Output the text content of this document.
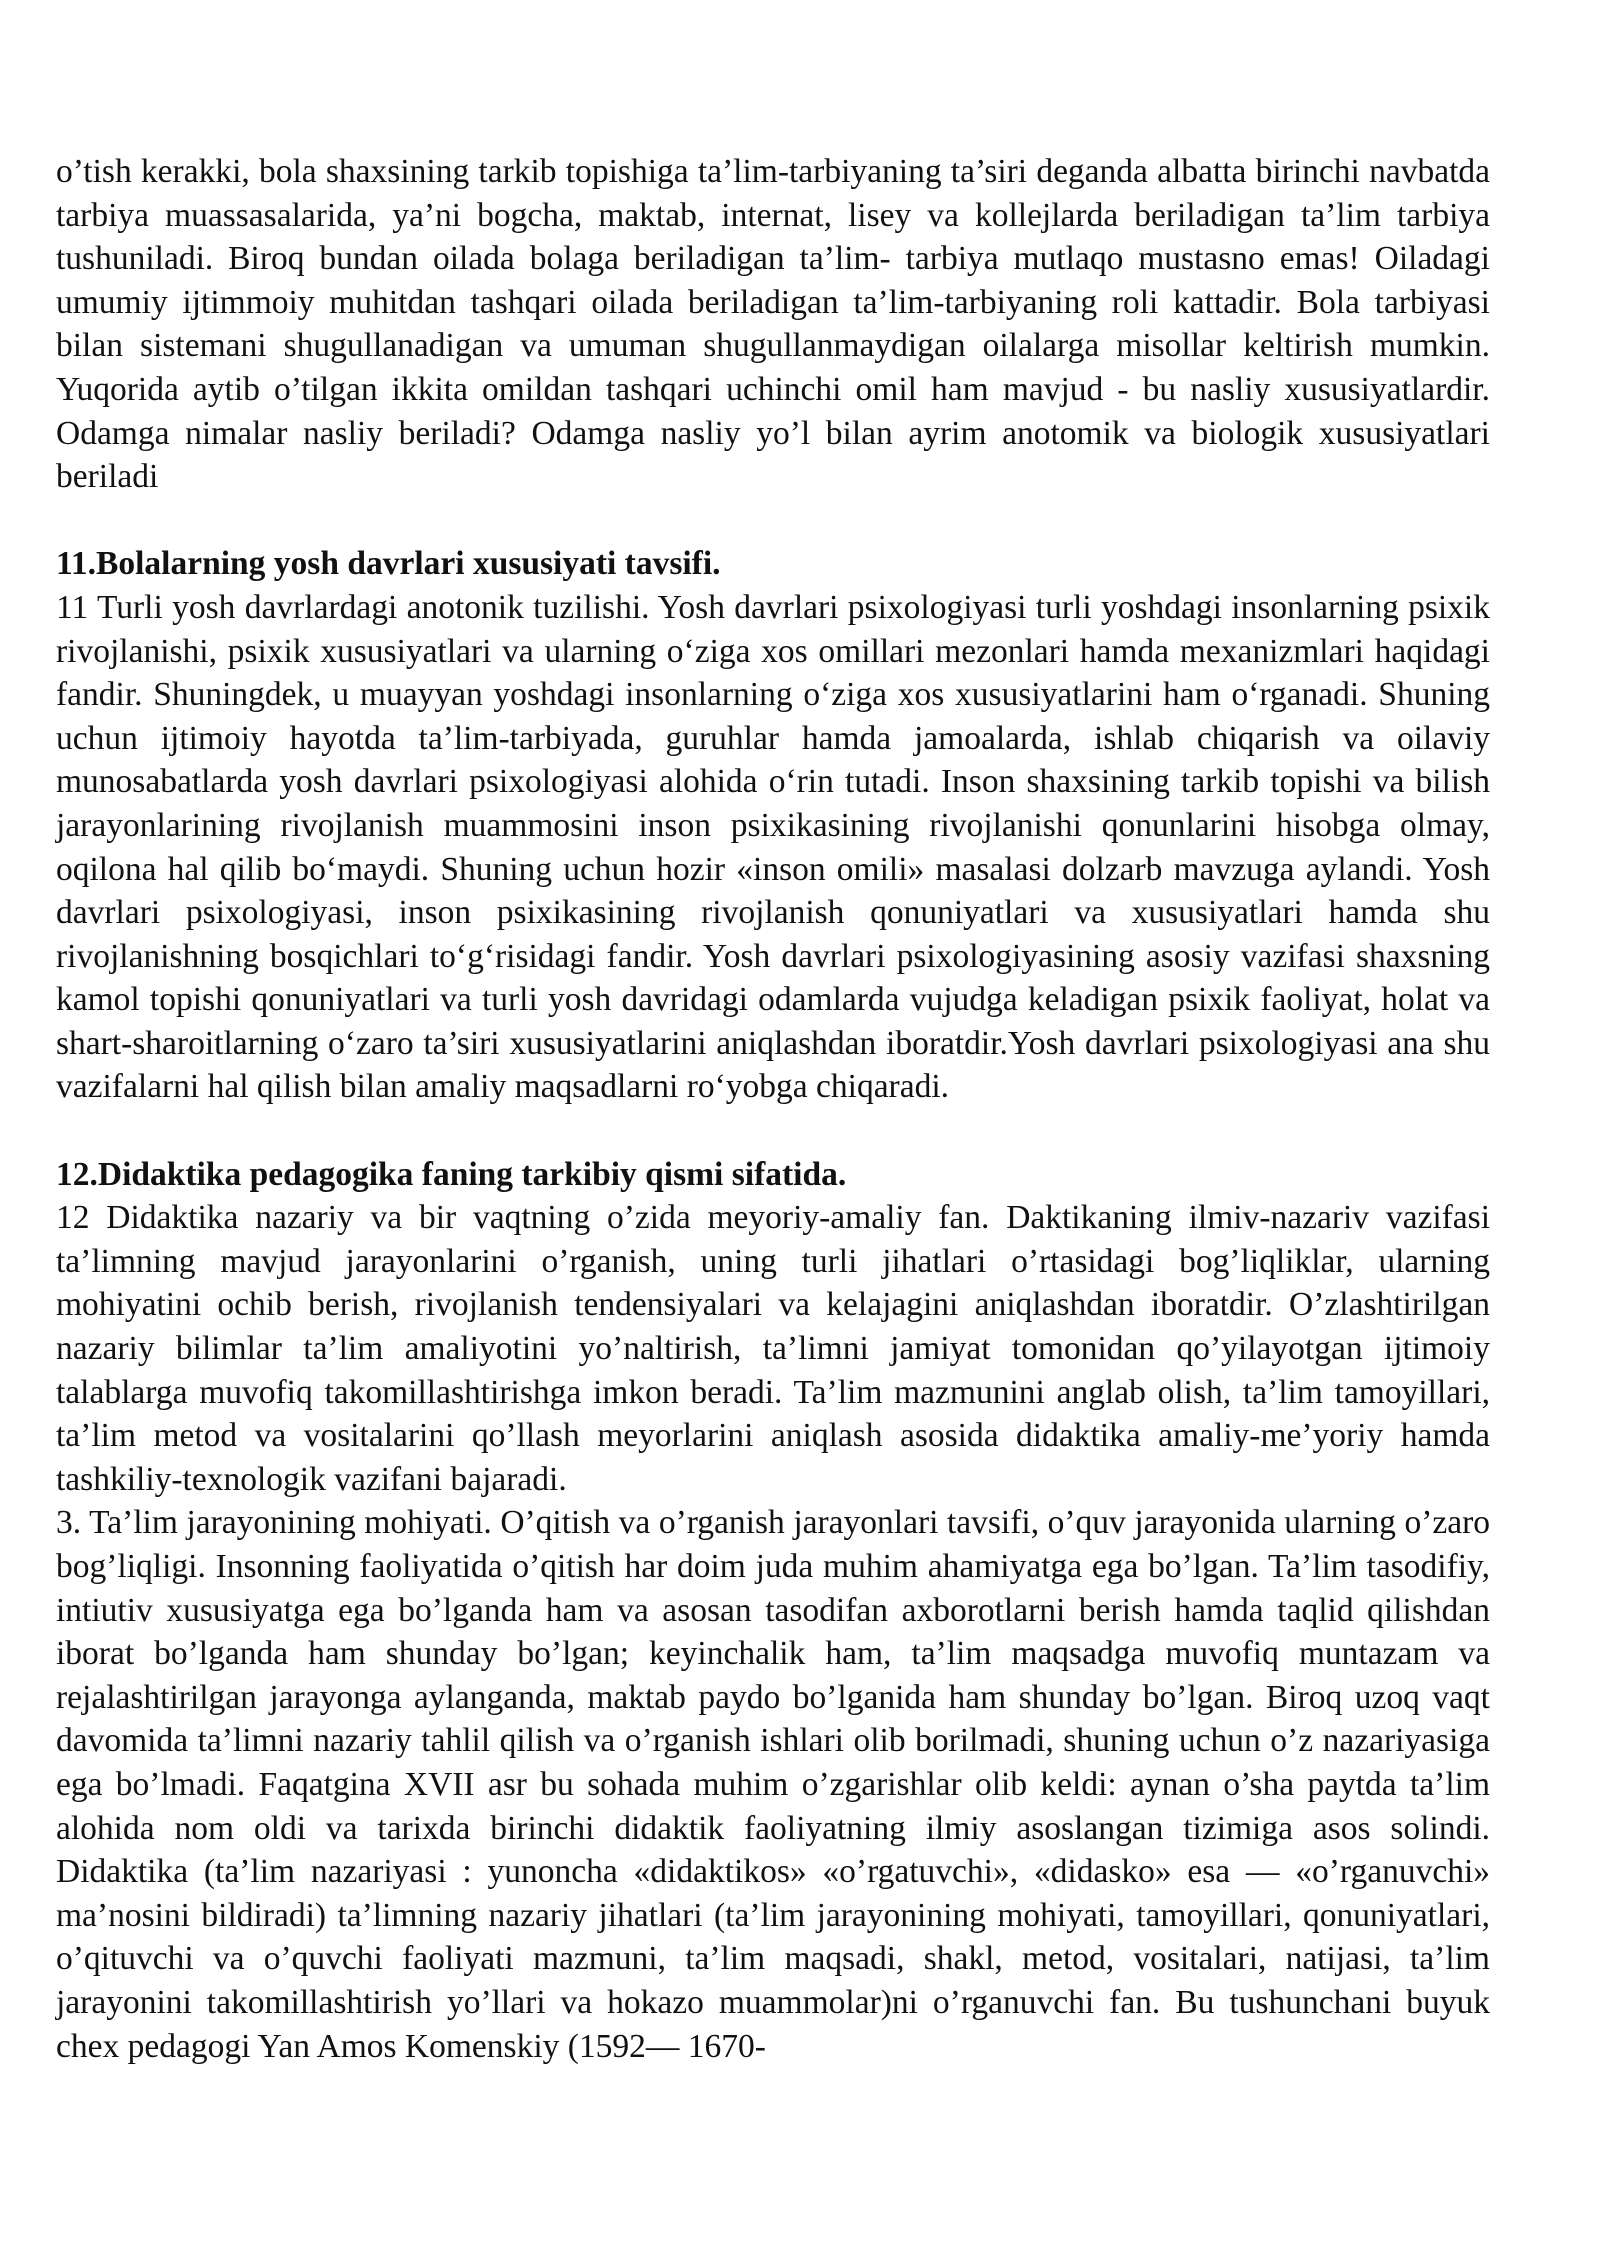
o’tish kerakki, bola shaxsining tarkib topishiga ta’lim-tarbiyaning ta’siri deganda albatta birinchi navbatda tarbiya muassasalarida, ya’ni bogcha, maktab, internat, lisey va kollejlarda beriladigan ta’lim tarbiya tushuniladi. Biroq bundan oilada bolaga beriladigan ta’lim- tarbiya mutlaqo mustasno emas! Oiladagi umumiy ijtimmoiy muhitdan tashqari oilada beriladigan ta’lim-tarbiyaning roli kattadir. Bola tarbiyasi bilan sistemani shugullanadigan va umuman shugullanmaydigan oilalarga misollar keltirish mumkin. Yuqorida aytib o’tilgan ikkita omildan tashqari uchinchi omil ham mavjud - bu nasliy xususiyatlardir. Odamga nimalar nasliy beriladi? Odamga nasliy yo’l bilan ayrim anotomik va biologik xususiyatlari beriladi

11.Bolalarning yosh davrlari xususiyati tavsifi.

11 Turli yosh davrlardagi anotonik tuzilishi. Yosh davrlari psixologiyasi turli yoshdagi insonlarning psixik rivojlanishi, psixik xususiyatlari va ularning o‘ziga xos omillari mezonlari hamda mexanizmlari haqidagi fandir. Shuningdek, u muayyan yoshdagi insonlarning o‘ziga xos xususiyatlarini ham o‘rganadi. Shuning uchun ijtimoiy hayotda ta’lim-tarbiyada, guruhlar hamda jamoalarda, ishlab chiqarish va oilaviy munosabatlarda yosh davrlari psixologiyasi alohida o‘rin tutadi. Inson shaxsining tarkib topishi va bilish jarayonlarining rivojlanish muammosini inson psixikasining rivojlanishi qonunlarini hisobga olmay, oqilona hal qilib bo‘maydi. Shuning uchun hozir «inson omili» masalasi dolzarb mavzuga aylandi. Yosh davrlari psixologiyasi, inson psixikasining rivojlanish qonuniyatlari va xususiyatlari hamda shu rivojlanishning bosqichlari to‘g‘risidagi fandir. Yosh davrlari psixologiyasining asosiy vazifasi shaxsning kamol topishi qonuniyatlari va turli yosh davridagi odamlarda vujudga keladigan psixik faoliyat, holat va shart-sharoitlarning o‘zaro ta’siri xususiyatlarini aniqlashdan iboratdir.Yosh davrlari psixologiyasi ana shu vazifalarni hal qilish bilan amaliy maqsadlarni ro‘yobga chiqaradi.

12.Didaktika pedagogika faning tarkibiy qismi sifatida.

12 Didaktika nazariy va bir vaqtning o’zida meyoriy-amaliy fan. Daktikaning ilmiv-nazariv vazifasi ta’limning mavjud jarayonlarini o’rganish, uning turli jihatlari o’rtasidagi bog’liqliklar, ularning mohiyatini ochib berish, rivojlanish tendensiyalari va kelajagini aniqlashdan iboratdir. O’zlashtirilgan nazariy bilimlar ta’lim amaliyotini yo’naltirish, ta’limni jamiyat tomonidan qo’yilayotgan ijtimoiy talablarga muvofiq takomillashtirishga imkon beradi. Ta’lim mazmunini anglab olish, ta’lim tamoyillari, ta’lim metod va vositalarini qo’llash meyorlarini aniqlash asosida didaktika amaliy-me’yoriy hamda tashkiliy-texnologik vazifani bajaradi.

3. Ta’lim jarayonining mohiyati. O’qitish va o’rganish jarayonlari tavsifi, o’quv jarayonida ularning o’zaro bog’liqligi. Insonning faoliyatida o’qitish har doim juda muhim ahamiyatga ega bo’lgan. Ta’lim tasodifiy, intiutiv xususiyatga ega bo’lganda ham va asosan tasodifan axborotlarni berish hamda taqlid qilishdan iborat bo’lganda ham shunday bo’lgan; keyinchalik ham, ta’lim maqsadga muvofiq muntazam va rejalashtirilgan jarayonga aylanganda, maktab paydo bo’lganida ham shunday bo’lgan. Biroq uzoq vaqt davomida ta’limni nazariy tahlil qilish va o’rganish ishlari olib borilmadi, shuning uchun o’z nazariyasiga ega bo’lmadi. Faqatgina XVII asr bu sohada muhim o’zgarishlar olib keldi: aynan o’sha paytda ta’lim alohida nom oldi va tarixda birinchi didaktik faoliyatning ilmiy asoslangan tizimiga asos solindi. Didaktika (ta’lim nazariyasi : yunoncha «didaktikos» «o’rgatuvchi», «didasko» esa — «o’rganuvchi» ma’nosini bildiradi) ta’limning nazariy jihatlari (ta’lim jarayonining mohiyati, tamoyillari, qonuniyatlari, o’qituvchi va o’quvchi faoliyati mazmuni, ta’lim maqsadi, shakl, metod, vositalari, natijasi, ta’lim jarayonini takomillashtirish yo’llari va hokazo muammolar)ni o’rganuvchi fan. Bu tushunchani buyuk chex pedagogi Yan Amos Komenskiy (1592— 1670-
